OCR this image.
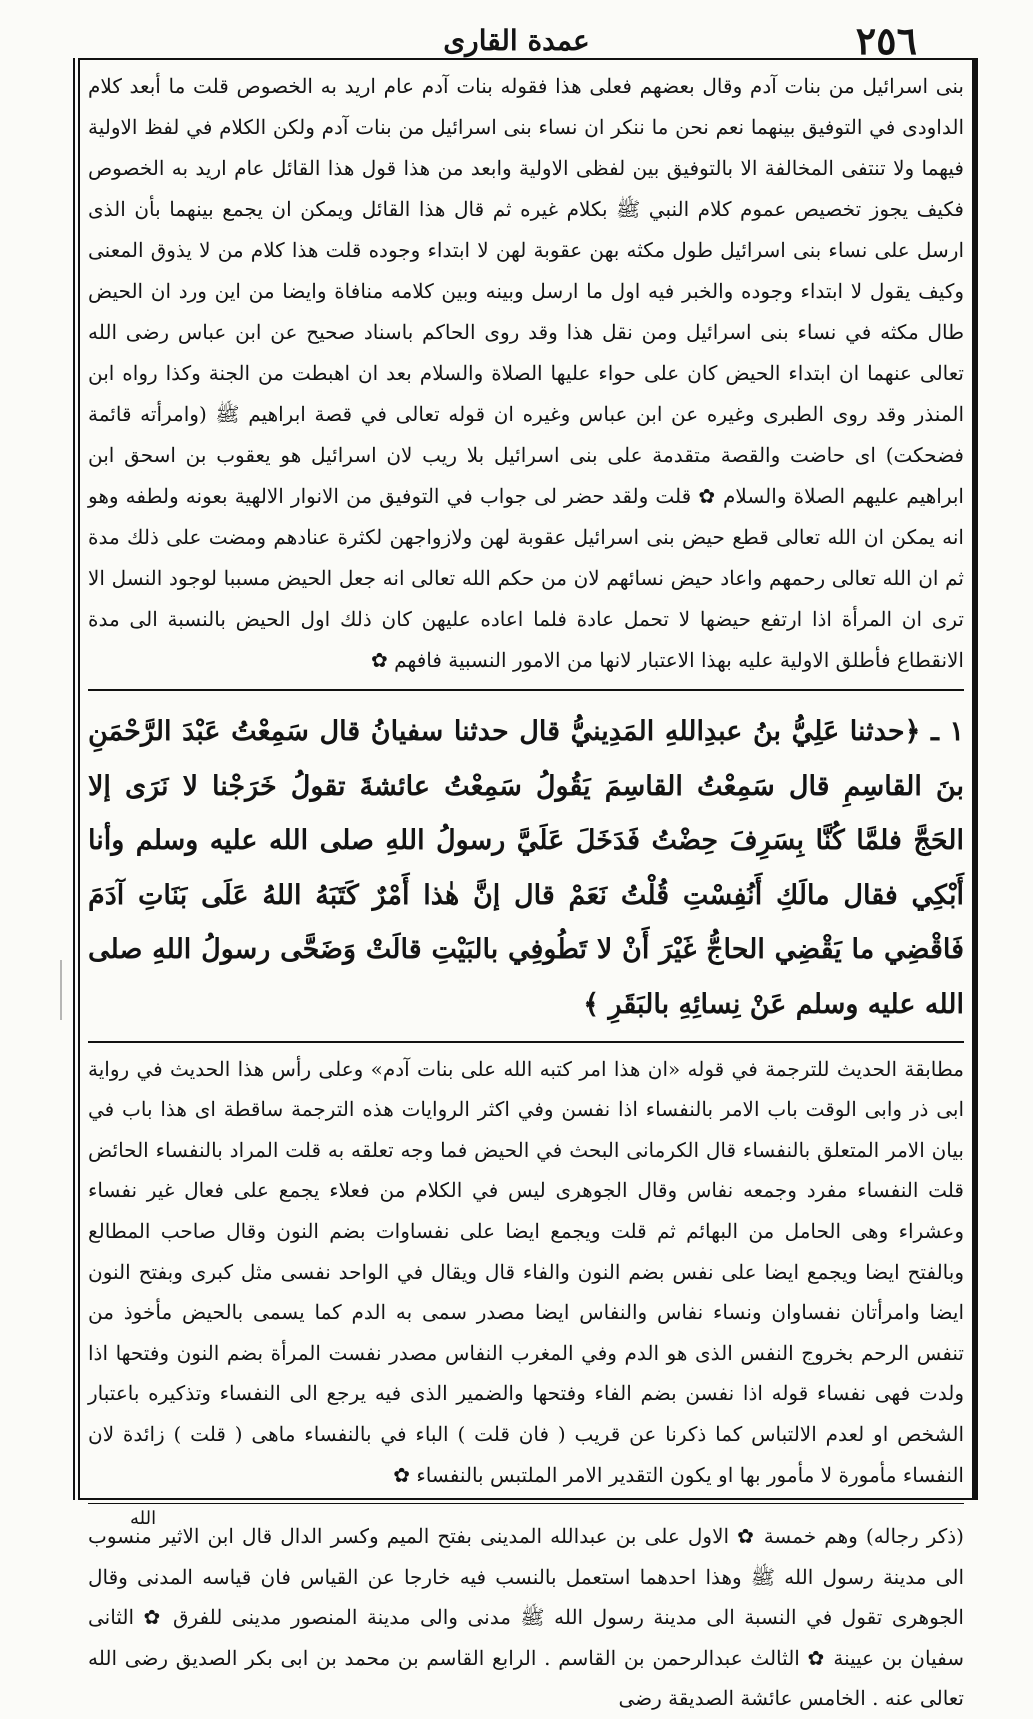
٢٥٦
عمدة القارى

بنى اسرائيل من بنات آدم وقال بعضهم فعلى هذا فقوله بنات آدم عام اريد به الخصوص قلت ما أبعد كلام الداودى في التوفيق بينهما نعم نحن ما ننكر ان نساء بنى اسرائيل من بنات آدم ولكن الكلام في لفظ الاولية فيهما ولا تنتفى المخالفة الا بالتوفيق بين لفظى الاولية وابعد من هذا قول هذا القائل عام اريد به الخصوص فكيف يجوز تخصيص عموم كلام النبي ﷺ بكلام غيره ثم قال هذا القائل ويمكن ان يجمع بينهما بأن الذى ارسل على نساء بنى اسرائيل طول مكثه بهن عقوبة لهن لا ابتداء وجوده قلت هذا كلام من لا يذوق المعنى وكيف يقول لا ابتداء وجوده والخبر فيه اول ما ارسل وبينه وبين كلامه منافاة وايضا من اين ورد ان الحيض طال مكثه في نساء بنى اسرائيل ومن نقل هذا وقد روى الحاكم باسناد صحيح عن ابن عباس رضى الله تعالى عنهما ان ابتداء الحيض كان على حواء عليها الصلاة والسلام بعد ان اهبطت من الجنة وكذا رواه ابن المنذر وقد روى الطبرى وغيره عن ابن عباس وغيره ان قوله تعالى في قصة ابراهيم ﷺ (وامرأته قائمة فضحكت) اى حاضت والقصة متقدمة على بنى اسرائيل بلا ريب لان اسرائيل هو يعقوب بن اسحق ابن ابراهيم عليهم الصلاة والسلام ✿ قلت ولقد حضر لى جواب في التوفيق من الانوار الالهية بعونه ولطفه وهو انه يمكن ان الله تعالى قطع حيض بنى اسرائيل عقوبة لهن ولازواجهن لكثرة عنادهم ومضت على ذلك مدة ثم ان الله تعالى رحمهم واعاد حيض نسائهم لان من حكم الله تعالى انه جعل الحيض مسببا لوجود النسل الا ترى ان المرأة اذا ارتفع حيضها لا تحمل عادة فلما اعاده عليهن كان ذلك اول الحيض بالنسبة الى مدة الانقطاع فأطلق الاولية عليه بهذا الاعتبار لانها من الامور النسبية فافهم ✿

١ ـ ﴿حدثنا عَلِيُّ بنُ عبدِاللهِ المَدِينيُّ قال حدثنا سفيانُ قال سَمِعْتُ عَبْدَ الرَّحْمَنِ بنَ القاسِمِ قال سَمِعْتُ القاسِمَ يَقُولُ سَمِعْتُ عائشةَ تقولُ خَرَجْنا لا نَرَى إلا الحَجَّ فلمَّا كُنَّا بِسَرِفَ حِضْتُ فَدَخَلَ عَلَيَّ رسولُ اللهِ صلى الله عليه وسلم وأنا أَبْكِي فقال مالَكِ أَنُفِسْتِ قُلْتُ نَعَمْ قال إنَّ هٰذا أَمْرٌ كَتَبَهُ اللهُ عَلَى بَنَاتِ آدَمَ فَاقْضِي ما يَقْضِي الحاجُّ غَيْرَ أَنْ لا تَطُوفِي بالبَيْتِ قالَتْ وَضَحَّى رسولُ اللهِ صلى الله عليه وسلم عَنْ نِسائِهِ بالبَقَرِ ﴾

مطابقة الحديث للترجمة في قوله «ان هذا امر كتبه الله على بنات آدم» وعلى رأس هذا الحديث في رواية ابى ذر وابى الوقت باب الامر بالنفساء اذا نفسن وفي اكثر الروايات هذه الترجمة ساقطة اى هذا باب في بيان الامر المتعلق بالنفساء قال الكرمانى البحث في الحيض فما وجه تعلقه به قلت المراد بالنفساء الحائض قلت النفساء مفرد وجمعه نفاس وقال الجوهرى ليس في الكلام من فعلاء يجمع على فعال غير نفساء وعشراء وهى الحامل من البهائم ثم قلت ويجمع ايضا على نفساوات بضم النون وقال صاحب المطالع وبالفتح ايضا ويجمع ايضا على نفس بضم النون والفاء قال ويقال في الواحد نفسى مثل كبرى وبفتح النون ايضا وامرأتان نفساوان ونساء نفاس والنفاس ايضا مصدر سمى به الدم كما يسمى بالحيض مأخوذ من تنفس الرحم بخروج النفس الذى هو الدم وفي المغرب النفاس مصدر نفست المرأة بضم النون وفتحها اذا ولدت فهى نفساء قوله اذا نفسن بضم الفاء وفتحها والضمير الذى فيه يرجع الى النفساء وتذكيره باعتبار الشخص او لعدم الالتباس كما ذكرنا عن قريب ( فان قلت ) الباء في بالنفساء ماهى ( قلت ) زائدة لان النفساء مأمورة لا مأمور بها او يكون التقدير الامر الملتبس بالنفساء ✿

(ذكر رجاله) وهم خمسة ✿ الاول على بن عبدالله المدينى بفتح الميم وكسر الدال قال ابن الاثير منسوب الى مدينة رسول الله ﷺ وهذا احدهما استعمل بالنسب فيه خارجا عن القياس فان قياسه المدنى وقال الجوهرى تقول في النسبة الى مدينة رسول الله ﷺ مدنى والى مدينة المنصور مدينى للفرق ✿ الثانى سفيان بن عيينة ✿ الثالث عبدالرحمن بن القاسم . الرابع القاسم بن محمد بن ابى بكر الصديق رضى الله تعالى عنه . الخامس عائشة الصديقة رضى

الله
